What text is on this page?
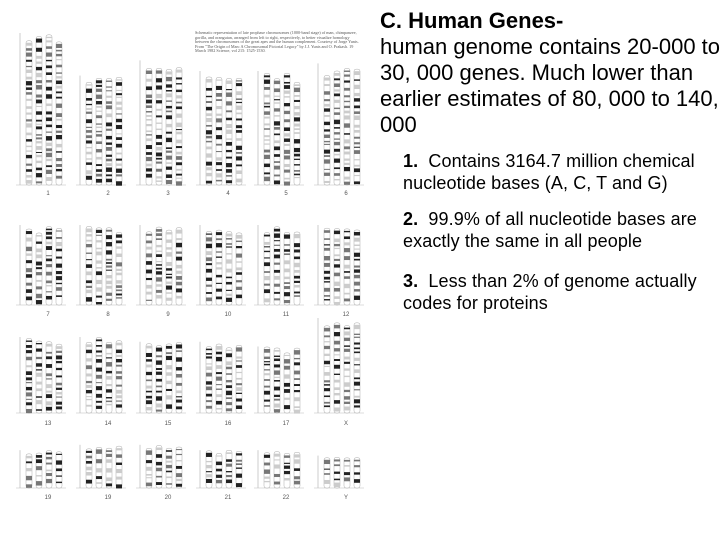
1	2	3	4	5	6
7	8	9	10	11	12
13	14	15	16	17	X
19	19	20	21	22	Y
Schematic representation of late prophase chromosomes (1000-band stage) of man, chimpanzee, gorilla, and orangutan, arranged from left to right, respectively, to better visualize homology between the chromosomes of the great apes and the human complement. Courtesy of Jorge Yunis. From "The Origin of Man: A Chromosomal Pictorial Legacy" by J.J. Yunis and O. Prakash. 19 March 1982 Science, vol 215: 1525-1530.
C. Human Genes-
human genome contains 20-000 to 30, 000 genes. Much lower than earlier estimates of 80, 000 to 140, 000
1. Contains 3164.7 million chemical nucleotide bases (A, C, T and G)
2. 99.9% of all nucleotide bases are exactly the same in all people
3. Less than 2% of genome actually codes for proteins
